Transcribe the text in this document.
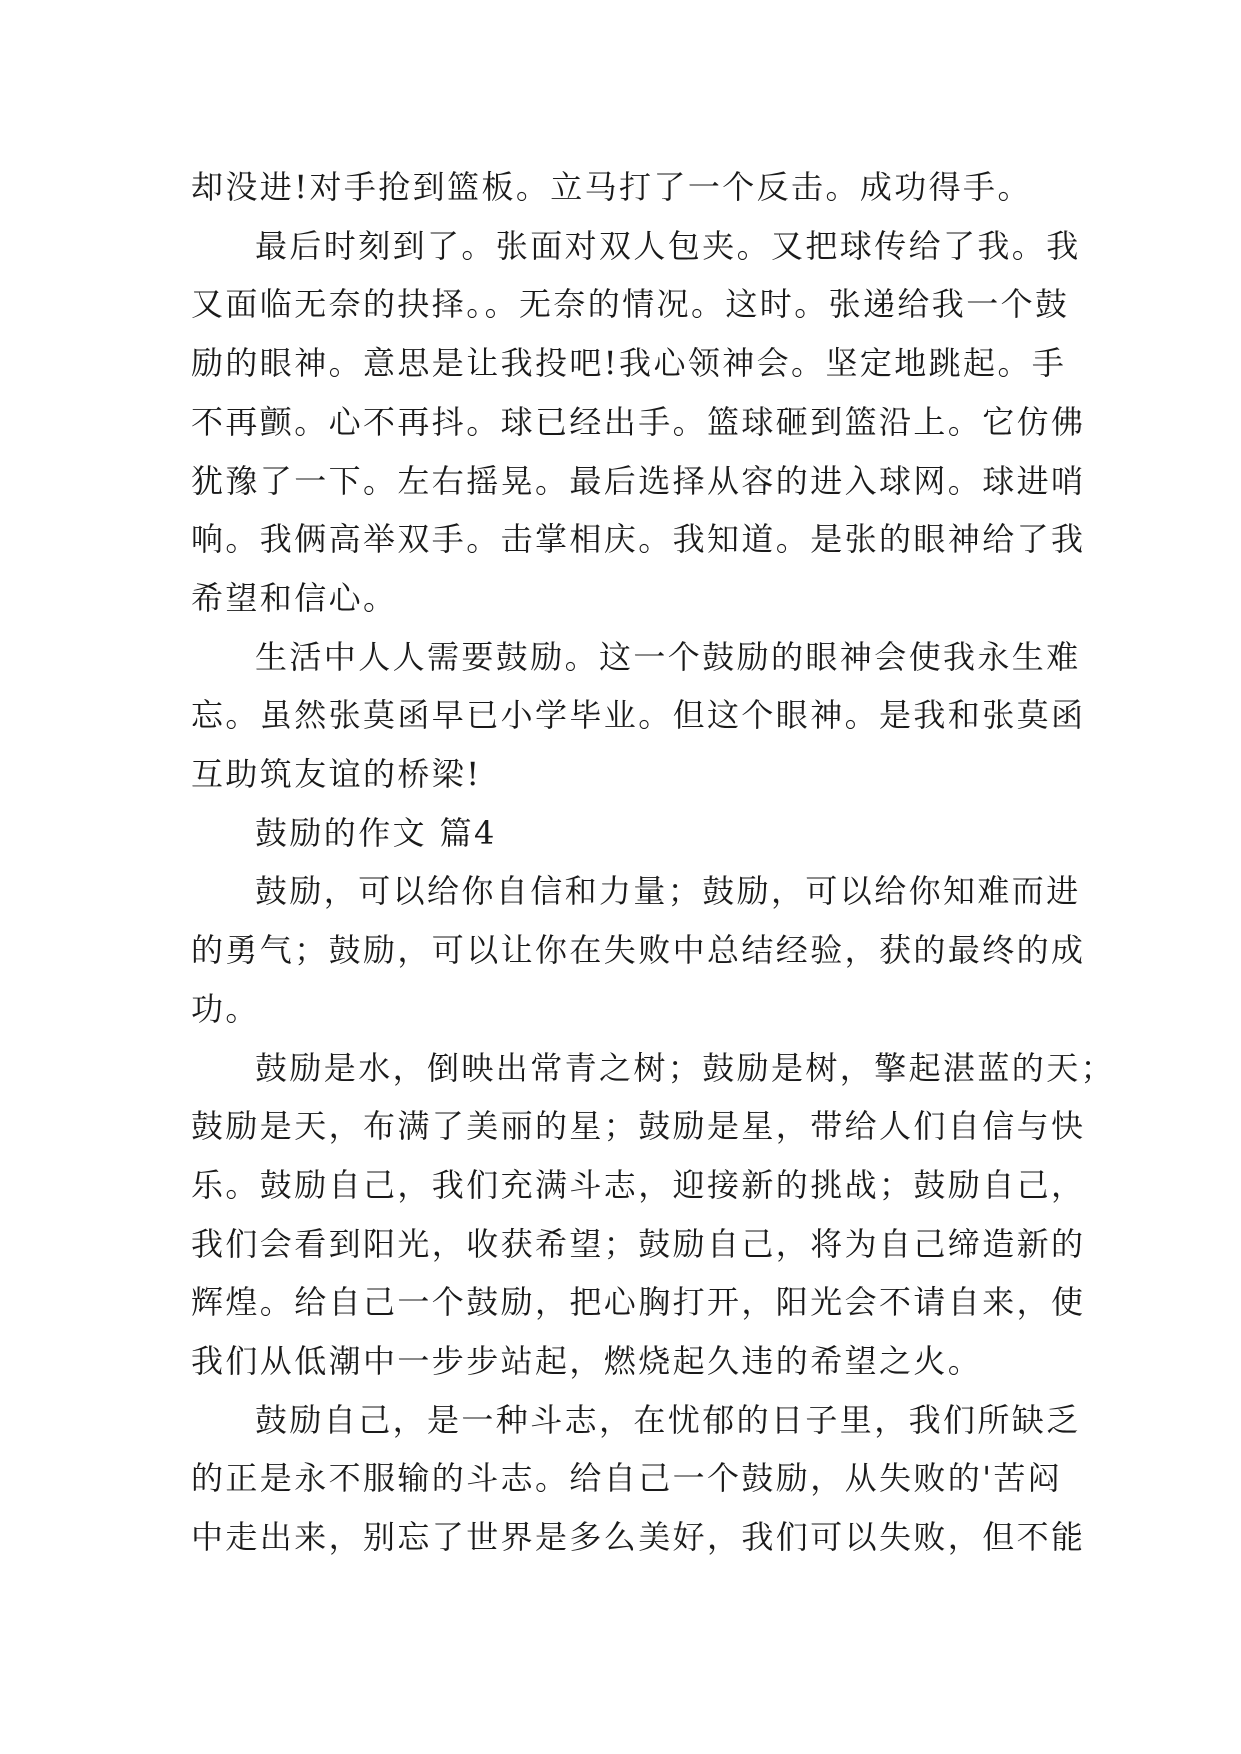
却没进!对手抢到篮板。立马打了一个反击。成功得手。

最后时刻到了。张面对双人包夹。又把球传给了我。我

又面临无奈的抉择。。无奈的情况。这时。张递给我一个鼓

励的眼神。意思是让我投吧!我心领神会。坚定地跳起。手

不再颤。心不再抖。球已经出手。篮球砸到篮沿上。它仿佛

犹豫了一下。左右摇晃。最后选择从容的进入球网。球进哨

响。我俩高举双手。击掌相庆。我知道。是张的眼神给了我

希望和信心。

生活中人人需要鼓励。这一个鼓励的眼神会使我永生难

忘。虽然张莫函早已小学毕业。但这个眼神。是我和张莫函

互助筑友谊的桥梁!

鼓励的作文 篇4

鼓励，可以给你自信和力量；鼓励，可以给你知难而进

的勇气；鼓励，可以让你在失败中总结经验，获的最终的成

功。

鼓励是水，倒映出常青之树；鼓励是树，擎起湛蓝的天；

鼓励是天，布满了美丽的星；鼓励是星，带给人们自信与快

乐。鼓励自己，我们充满斗志，迎接新的挑战；鼓励自己，

我们会看到阳光，收获希望；鼓励自己，将为自己缔造新的

辉煌。给自己一个鼓励，把心胸打开，阳光会不请自来，使

我们从低潮中一步步站起，燃烧起久违的希望之火。

鼓励自己，是一种斗志，在忧郁的日子里，我们所缺乏

的正是永不服输的斗志。给自己一个鼓励，从失败的'苦闷

中走出来，别忘了世界是多么美好，我们可以失败，但不能
